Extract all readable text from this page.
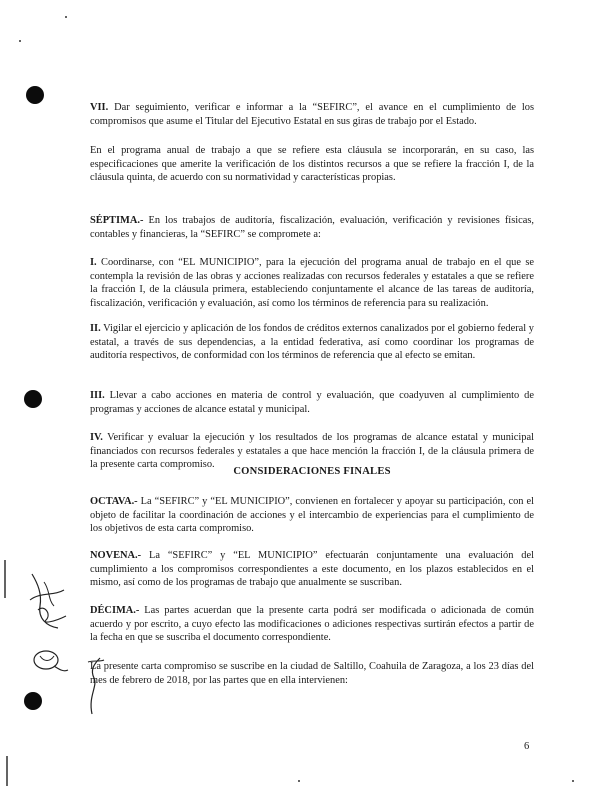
VII. Dar seguimiento, verificar e informar a la “SEFIRC”, el avance en el cumplimiento de los compromisos que asume el Titular del Ejecutivo Estatal en sus giras de trabajo por el Estado.

En el programa anual de trabajo a que se refiere esta cláusula se incorporarán, en su caso, las especificaciones que amerite la verificación de los distintos recursos a que se refiere la fracción I, de la cláusula quinta, de acuerdo con su normatividad y características propias.

SÉPTIMA.- En los trabajos de auditoría, fiscalización, evaluación, verificación y revisiones físicas, contables y financieras, la “SEFIRC” se compromete a:

I. Coordinarse, con “EL MUNICIPIO”, para la ejecución del programa anual de trabajo en el que se contempla la revisión de las obras y acciones realizadas con recursos federales y estatales a que se refiere la fracción I, de la cláusula primera, estableciendo conjuntamente el alcance de las tareas de auditoría, fiscalización, verificación y evaluación, así como los términos de referencia para su realización.

II. Vigilar el ejercicio y aplicación de los fondos de créditos externos canalizados por el gobierno federal y estatal, a través de sus dependencias, a la entidad federativa, así como coordinar los programas de auditoría respectivos, de conformidad con los términos de referencia que al efecto se emitan.

III. Llevar a cabo acciones en materia de control y evaluación, que coadyuven al cumplimiento de programas y acciones de alcance estatal y municipal.

IV. Verificar y evaluar la ejecución y los resultados de los programas de alcance estatal y municipal financiados con recursos federales y estatales a que hace mención la fracción I, de la cláusula primera de la presente carta compromiso.

CONSIDERACIONES FINALES

OCTAVA.- La “SEFIRC” y “EL MUNICIPIO”, convienen en fortalecer y apoyar su participación, con el objeto de facilitar la coordinación de acciones y el intercambio de experiencias para el cumplimiento de los objetivos de esta carta compromiso.

NOVENA.- La “SEFIRC” y “EL MUNICIPIO” efectuarán conjuntamente una evaluación del cumplimiento a los compromisos correspondientes a este documento, en los plazos establecidos en el mismo, así como de los programas de trabajo que anualmente se suscriban.

DÉCIMA.- Las partes acuerdan que la presente carta podrá ser modificada o adicionada de común acuerdo y por escrito, a cuyo efecto las modificaciones o adiciones respectivas surtirán efectos a partir de la fecha en que se suscriba el documento correspondiente.

La presente carta compromiso se suscribe en la ciudad de Saltillo, Coahuila de Zaragoza, a los 23 días del mes de febrero de 2018, por las partes que en ella intervienen:

6
